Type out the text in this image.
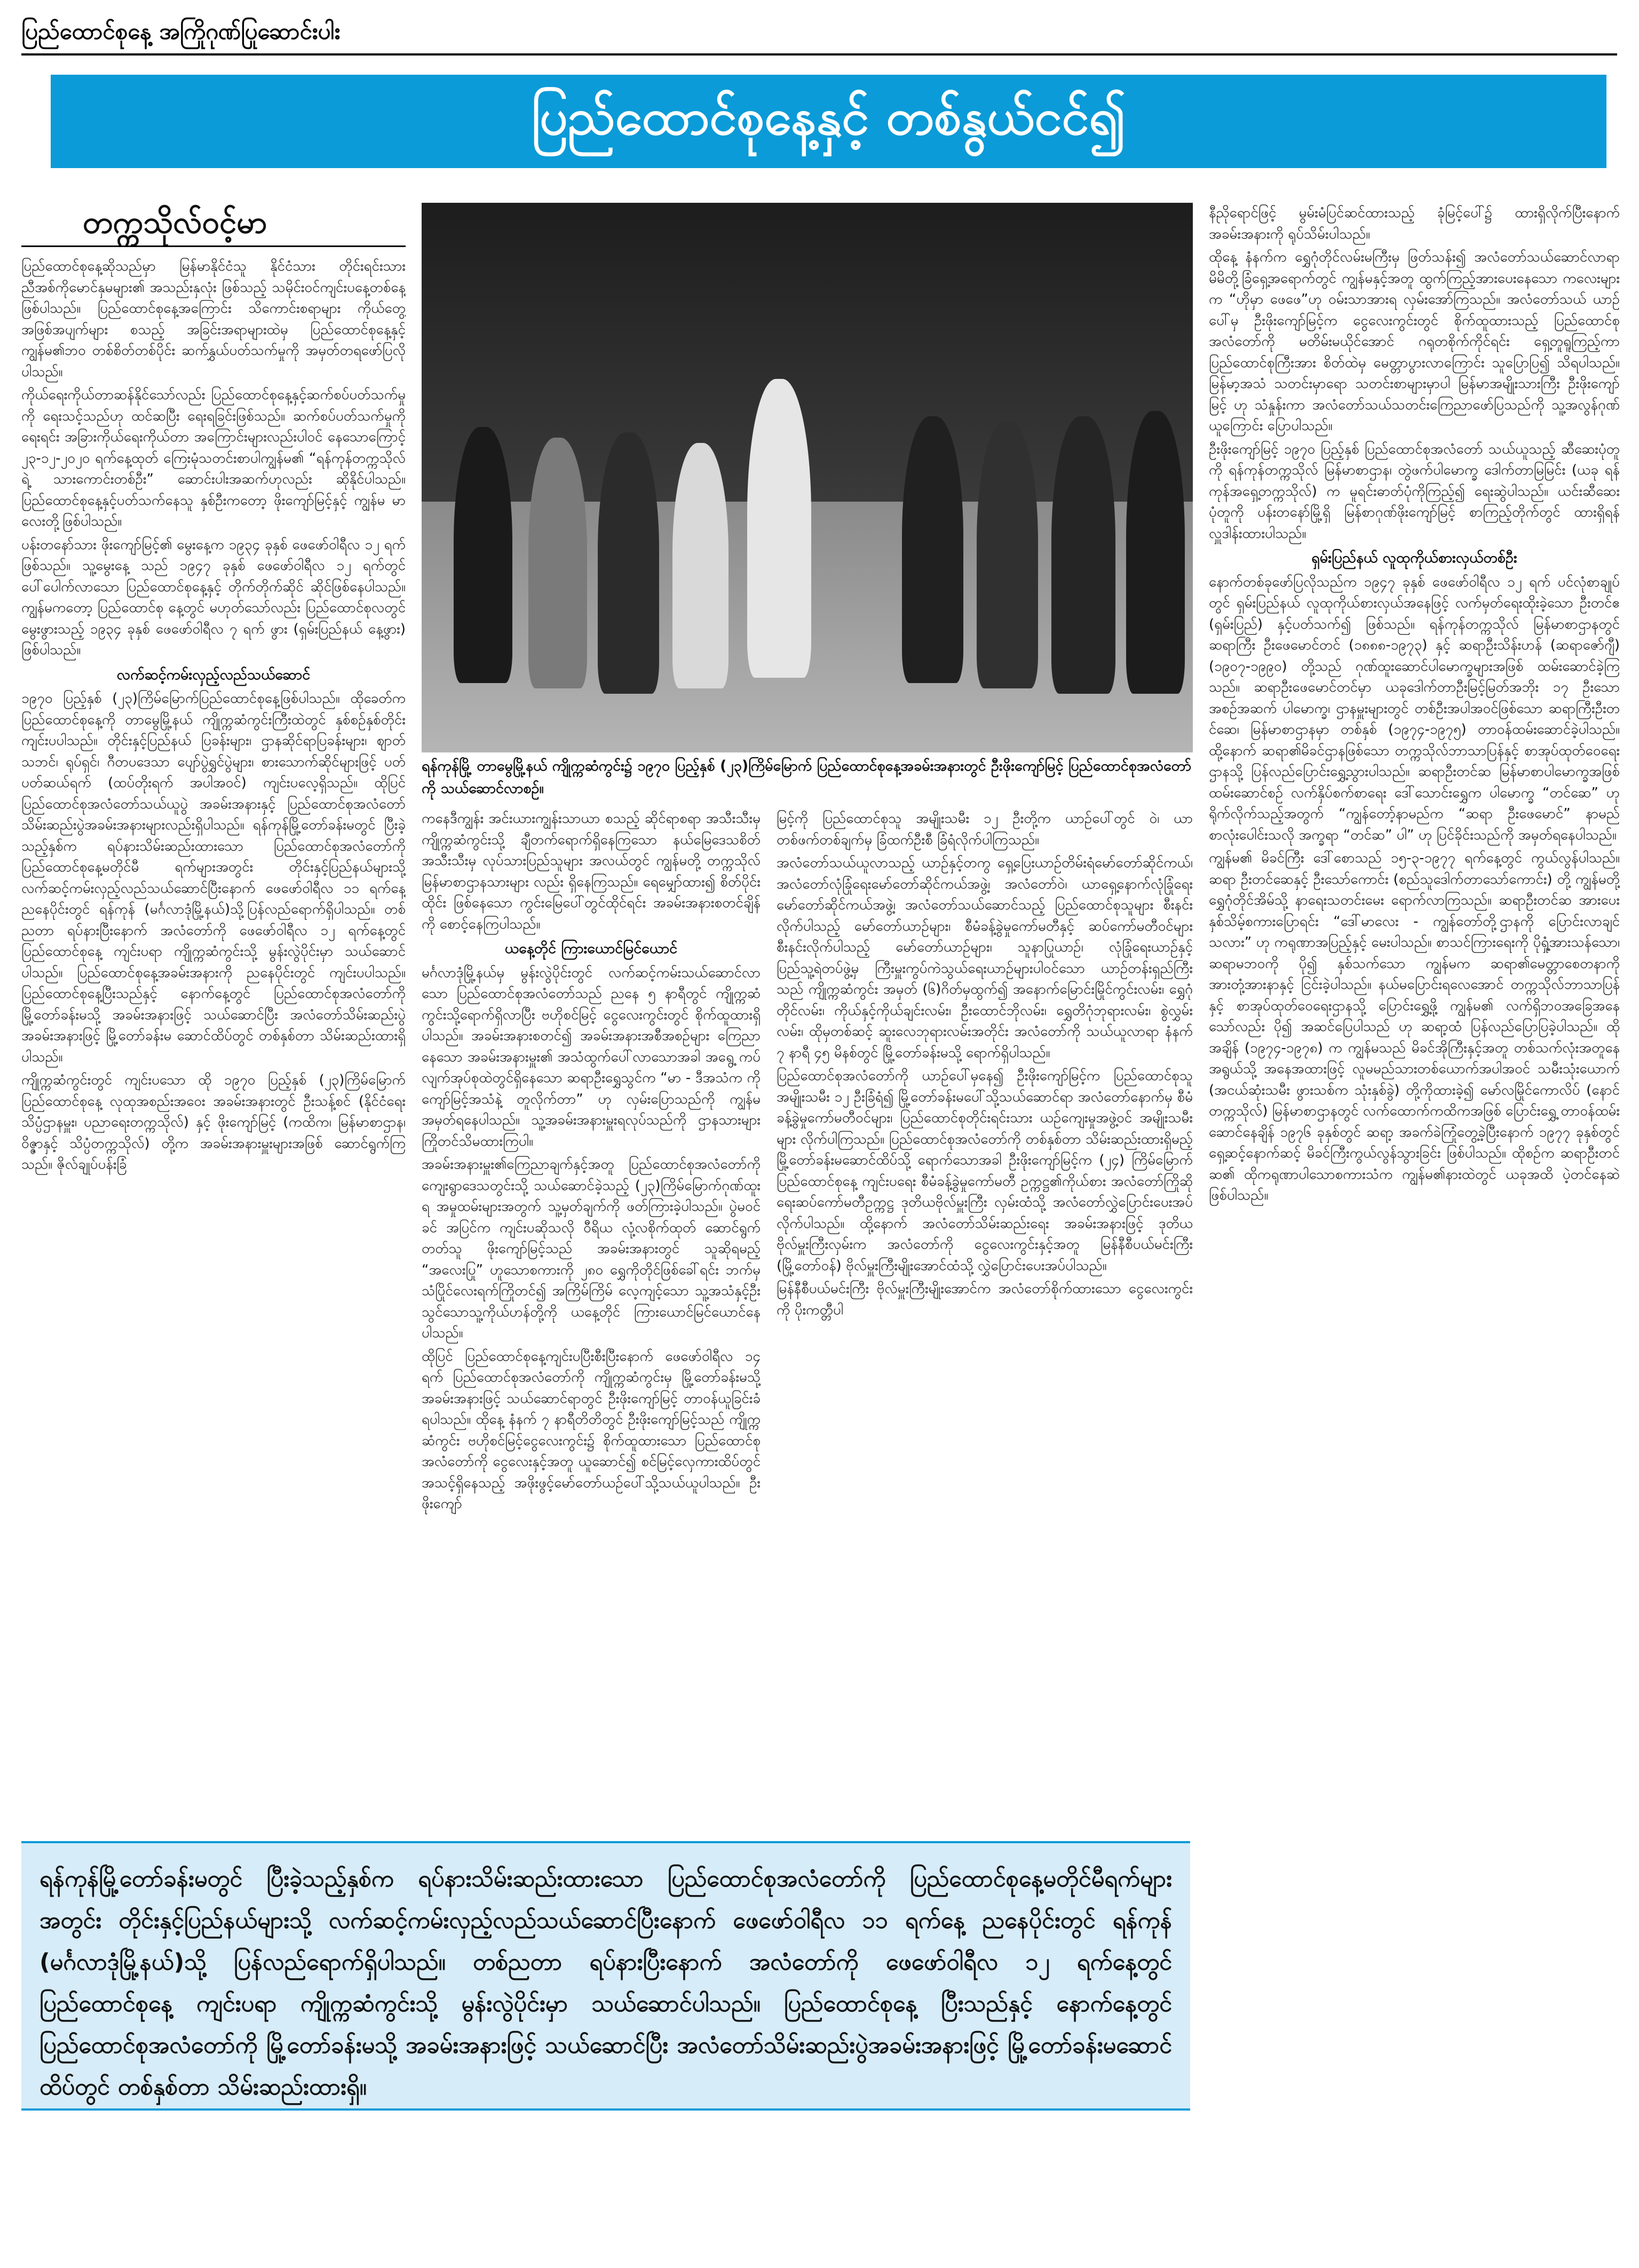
ပြည်ထောင်စုနေ့ အကြိုဂုဏ်ပြုဆောင်းပါး
ပြည်ထောင်စုနေ့နှင့် တစ်နွယ်ငင်၍
တက္ကသိုလ်ဝင့်မာ

ပြည်ထောင်စုနေ့ဆိုသည်မှာ မြန်မာနိုင်ငံသူ နိုင်ငံသား တိုင်းရင်းသားညီအစ်ကိုမောင်နှမများ၏ အသည်းနှလုံး ဖြစ်သည့် သမိုင်းဝင်ကျင်းပနေ့တစ်နေ့ဖြစ်ပါသည်။ ပြည်ထောင်စုနေ့အကြောင်း သိကောင်းစရာများ ကိုယ်တွေ့အဖြစ်အပျက်များ စသည့် အခြင်းအရာများထဲမှ ပြည်ထောင်စုနေ့နှင့် ကျွန်မ၏ဘဝ တစ်စိတ်တစ်ပိုင်း ဆက်နွှယ်ပတ်သက်မှုကို အမှတ်တရဖော်ပြလိုပါသည်။

ကိုယ်ရေးကိုယ်တာဆန်နိုင်သော်လည်း ပြည်ထောင်စုနေ့နှင့်ဆက်စပ်ပတ်သက်မှုကို ရေးသင့်သည်ဟု ထင်ဆပြီး ရေးရခြင်းဖြစ်သည်။ ဆက်စပ်ပတ်သက်မှုကို ရေးရင်း အခြားကိုယ်ရေးကိုယ်တာ အကြောင်းများလည်းပါဝင် နေသောကြောင့် ၂၃-၁၂-၂၀၂၀ ရက်နေ့ထုတ် ကြေးမုံသတင်းစာပါကျွန်မ၏ “ရန်ကုန်တက္ကသိုလ်ရဲ့ သားကောင်းတစ်ဦး” ဆောင်းပါးအဆက်ဟုလည်း ဆိုနိုင်ပါသည်။ ပြည်ထောင်စုနေ့နှင့်ပတ်သက်နေသူ နှစ်ဦးကတော့ ဖိုးကျော်မြင့်နှင့် ကျွန်မ မာလေးတို့ဖြစ်ပါသည်။

ပန်းတနော်သား ဖိုးကျော်မြင့်၏ မွေးနေ့က ၁၉၃၄ ခုနှစ် ဖေဖော်ဝါရီလ ၁၂ ရက် ဖြစ်သည်။ သူ့မွေးနေ့ သည် ၁၉၄၇ ခုနှစ် ဖေဖော်ဝါရီလ ၁၂ ရက်တွင် ပေါ်ပေါက်လာသော ပြည်ထောင်စုနေ့နှင့် တိုက်တိုက်ဆိုင် ဆိုင်ဖြစ်နေပါသည်။ ကျွန်မကတော့ ပြည်ထောင်စု နေ့တွင် မဟုတ်သော်လည်း ပြည်ထောင်စုလတွင် မွေးဖွားသည့် ၁၉၃၄ ခုနှစ် ဖေဖော်ဝါရီလ ၇ ရက် ဖွား (ရှမ်းပြည်နယ် နေ့ဖွား) ဖြစ်ပါသည်။

လက်ဆင့်ကမ်းလှည့်လည်သယ်ဆောင်

၁၉၇၀ ပြည့်နှစ် (၂၃)ကြိမ်မြောက်ပြည်ထောင်စုနေ့ဖြစ်ပါသည်။ ထိုခေတ်က ပြည်ထောင်စုနေ့ကို တာမွေမြို့နယ် ကျိုက္ကဆံကွင်းကြီးထဲတွင် နှစ်စဉ်နှစ်တိုင်း ကျင်းပပါသည်။ တိုင်းနှင့်ပြည်နယ် ပြခန်းများ၊ ဌာနဆိုင်ရာပြခန်းများ၊ ဈာတ်သဘင်၊ ရုပ်ရှင်၊ ဂီတပဒေသာ ပျော်ပွဲရွှင်ပွဲများ၊ စားသောက်ဆိုင်များဖြင့် ပတ်ပတ်ဆယ်ရက် (ထပ်တိုးရက် အပါအဝင်) ကျင်းပလေ့ရှိသည်။ ထိုပြင် ပြည်ထောင်စုအလံတော်သယ်ယူပွဲ အခမ်းအနားနှင့် ပြည်ထောင်စုအလံတော် သိမ်းဆည်းပွဲအခမ်းအနားများလည်းရှိပါသည်။ ရန်ကုန်မြို့တော်ခန်းမတွင် ပြီးခဲ့သည့်နှစ်က ရပ်နားသိမ်းဆည်းထားသော ပြည်ထောင်စုအလံတော်ကို ပြည်ထောင်စုနေ့မတိုင်မီ ရက်များအတွင်း တိုင်းနှင့်ပြည်နယ်များသို့ လက်ဆင့်ကမ်းလှည့်လည်သယ်ဆောင်ပြီးနောက် ဖေဖော်ဝါရီလ ၁၁ ရက်နေ့ ညနေပိုင်းတွင် ရန်ကုန် (မင်္ဂလာဒုံမြို့နယ်)သို့ပြန်လည်ရောက်ရှိပါသည်။ တစ်ညတာ ရပ်နားပြီးနောက် အလံတော်ကို ဖေဖော်ဝါရီလ ၁၂ ရက်နေ့တွင် ပြည်ထောင်စုနေ့ ကျင်းပရာ ကျိုက္ကဆံကွင်းသို့ မွန်းလွဲပိုင်းမှာ သယ်ဆောင်ပါသည်။ ပြည်ထောင်စုနေ့အခမ်းအနားကို ညနေပိုင်းတွင် ကျင်းပပါသည်။ ပြည်ထောင်စုနေ့ပြီးသည်နှင့် နောက်နေ့တွင် ပြည်ထောင်စုအလံတော်ကို မြို့တော်ခန်းမသို့ အခမ်းအနားဖြင့် သယ်ဆောင်ပြီး အလံတော်သိမ်းဆည်းပွဲ အခမ်းအနားဖြင့် မြို့တော်ခန်းမ ဆောင်ထိပ်တွင် တစ်နှစ်တာ သိမ်းဆည်းထားရှိပါသည်။

ကျိုက္ကဆံကွင်းတွင် ကျင်းပသော ထို ၁၉၇၀ ပြည့်နှစ် (၂၃)ကြိမ်မြောက် ပြည်ထောင်စုနေ့ လုထုအစည်းအဝေး အခမ်းအနားတွင် ဦးသန့်စင် (နိုင်ငံရေးသိပ္ပံဌာနမှူး၊ ပညာရေးတက္ကသိုလ်) နှင့် ဖိုးကျော်မြင့် (ကထိက၊ မြန်မာစာဌာန၊ ဝိဇ္ဇာနှင့် သိပ္ပံတက္ကသိုလ်) တို့က အခမ်းအနားမှူးများအဖြစ် ဆောင်ရွက်ကြသည်။ ဇိုလ်ချုပ်ပန်းခြံ

ရန်ကုန်မြို့ တာမွေမြို့နယ် ကျိုက္ကဆံကွင်း၌ ၁၉၇၀ ပြည့်နှစ် (၂၃)ကြိမ်မြောက် ပြည်ထောင်စုနေ့အခမ်းအနားတွင် ဦးဖိုးကျော်မြင့် ပြည်ထောင်စုအလံတော်ကို သယ်ဆောင်လာစဉ်။

ကနေဒီကျွန်း အင်းယားကျွန်းသာယာ စသည့် ဆိုင်ရာစရာ အသီးသီးမှ ကျိုက္ကဆံကွင်းသို့ ချီတက်ရောက်ရှိနေကြသော နယ်မြေဒေသစိတ်အသီးသီးမှ လုပ်သားပြည်သူများ အလယ်တွင် ကျွန်မတို့ တက္ကသိုလ် မြန်မာစာဌာနသားများ လည်း ရှိနေကြသည်။ ရေမျှော်ထား၍ စိတ်ပိုင်းထိုင်း ဖြစ်နေသော ကွင်းမြေပေါ်တွင်ထိုင်ရင်း အခမ်းအနားစတင်ချိန်ကို စောင့်နေကြပါသည်။

ယနေ့တိုင် ကြားယောင်မြင်ယောင်

မင်္ဂလာဒုံမြို့နယ်မှ မွန်းလွဲပိုင်းတွင် လက်ဆင့်ကမ်းသယ်ဆောင်လာသော ပြည်ထောင်စုအလံတော်သည် ညနေ ၅ နာရီတွင် ကျိုက္ကဆံကွင်းသို့ရောက်ရှိလာပြီး ဗဟိုစင်မြင့် ငွေလေးကွင်းတွင် စိုက်ထူထားရှိပါသည်။ အခမ်းအနားစတင်၍ အခမ်းအနားအစီအစဉ်များ ကြေညာနေသော အခမ်းအနားမှူး၏ အသံထွက်ပေါ်လာသောအခါ အရွေ့ ကပ်လျက်အုပ်စုထဲတွင်ရှိနေသော ဆရာဦးရွှေသွင်က “မာ - ဒီအသံက ကိုကျော်မြင့်အသံနဲ့ တူလိုက်တာ” ဟု လှမ်းပြောသည်ကို ကျွန်မ အမှတ်ရနေပါသည်။ သူ့အခမ်းအနားမှူးရလုပ်သည်ကို ဌာနသားများ ကြိုတင်သိမထားကြပါ။

အခမ်းအနားမှူး၏ကြေညာချက်နှင့်အတူ ပြည်ထောင်စုအလံတော်ကို ကျေးရွာဒေသတွင်းသို့ သယ်ဆောင်ခဲ့သည့် (၂၃)ကြိမ်မြောက်ဂုဏ်ထူးရ အမှုထမ်းများအတွက် သူ့မှတ်ချက်ကို ဖတ်ကြားခဲ့ပါသည်။ ပွဲမဝင်ခင် အပြင်က ကျင်းပဆိုသလို ဝီရိယ လုံ့လစိုက်ထုတ် ဆောင်ရွက်တတ်သူ ဖိုးကျော်မြင့်သည် အခမ်းအနားတွင် သူဆိုရမည့် “အလေးပြု” ဟူသောစကားကို ၂၈၀ ရွှေကိုတိုင်ဖြစ်ခေါ်ရင်း ဘက်မှ သံပြိုင်လေးရက်ကြိုတင်၍ အကြိမ်ကြိမ် လေ့ကျင့်သော သူ့အသံနှင့်ဦးသွင်သောသူ့ကိုယ်ဟန်တို့ကို ယနေ့တိုင် ကြားယောင်မြင်ယောင်နေပါသည်။

ထိုပြင် ပြည်ထောင်စုနေ့ကျင်းပပြီးစီးပြီးနောက် ဖေဖော်ဝါရီလ ၁၄ ရက် ပြည်ထောင်စုအလံတော်ကို ကျိုက္ကဆံကွင်းမှ မြို့တော်ခန်းမသို့ အခမ်းအနားဖြင့် သယ်ဆောင်ရာတွင် ဦးဖိုးကျော်မြင့် တာဝန်ယူခြင်းခံရပါသည်။ ထိုနေ့ နံနက် ၇ နာရီတိတိတွင် ဦးဖိုးကျော်မြင့်သည် ကျိုက္ကဆံကွင်း ဗဟိုစင်မြင့်ငွေလေးကွင်း၌ စိုက်ထူထားသော ပြည်ထောင်စုအလံတော်ကို ငွေလေးနှင့်အတူ ယူဆောင်၍ စင်မြင့်လှေကားထိပ်တွင် အသင့်ရှိနေသည့် အဖိုးဖွင့်မော်တော်ယဉ်ပေါ်သို့သယ်ယူပါသည်။ ဦးဖိုးကျော်

မြင့်ကို ပြည်ထောင်စုသူ အမျိုးသမီး ၁၂ ဦးတို့က ယာဉ်ပေါ်တွင် ဝဲ၊ ယာတစ်ဖက်တစ်ချက်မှ ခြံထက်ဦးစီ ခြံရံလိုက်ပါကြသည်။

အလံတော်သယ်ယူလာသည့် ယာဉ်နှင့်တကွ ရှေ့ပြေးယာဉ်တိမ်းရံမော်တော်ဆိုင်ကယ်၊ အလံတော်လုံခြုံရေးမော်တော်ဆိုင်ကယ်အဖွဲ့၊ အလံတော်ဝဲ၊ ယာရှေ့နောက်လုံခြုံရေး မော်တော်ဆိုင်ကယ်အဖွဲ့၊ အလံတော်သယ်ဆောင်သည့် ပြည်ထောင်စုသူများ စီးနင်းလိုက်ပါသည့် မော်တော်ယာဉ်များ၊ စီမံခန့်ခွဲမှုကော်မတီနှင့် ဆပ်ကော်မတီဝင်များစီးနင်းလိုက်ပါသည့် မော်တော်ယာဉ်များ၊ သူနာပြုယာဉ်၊ လုံခြုံရေးယာဉ်နှင့် ပြည်သူ့ရဲတပ်ဖွဲ့မှ ကြီးမှူးကွပ်ကဲသွယ်ရေးယာဉ်များပါဝင်သော ယာဉ်တန်းရှည်ကြီးသည် ကျိုက္ကဆံကွင်း အမှတ် (၆)ဂိတ်မှထွက်၍ အနောက်မြောင်းမြိုင်ကွင်းလမ်း၊ ရွှေဂုံတိုင်လမ်း၊ ကိုယ်နှင့်ကိုယ်ချင်းလမ်း၊ ဦးထောင်ဘိုလမ်း၊ ရွှေတိဂုံဘုရားလမ်း၊ စွဲလွှမ်းလမ်း၊ ထိုမှတစ်ဆင့် ဆူးလေဘုရားလမ်းအတိုင်း အလံတော်ကို သယ်ယူလာရာ နံနက် ၇ နာရီ ၄၅ မိနစ်တွင် မြို့တော်ခန်းမသို့ ရောက်ရှိပါသည်။

ပြည်ထောင်စုအလံတော်ကို ယာဉ်ပေါ်မှနေ၍ ဦးဖိုးကျော်မြင့်က ပြည်ထောင်စုသူ အမျိုးသမီး ၁၂ ဦးခြံရံ၍ မြို့တော်ခန်းမပေါ်သို့သယ်ဆောင်ရာ အလံတော်နောက်မှ စီမံခန့်ခွဲမှုကော်မတီဝင်များ၊ ပြည်ထောင်စုတိုင်းရင်းသား ယဉ်ကျေးမှုအဖွဲ့ဝင် အမျိုးသမီးများ လိုက်ပါကြသည်။ ပြည်ထောင်စုအလံတော်ကို တစ်နှစ်တာ သိမ်းဆည်းထားရှိမည့် မြို့တော်ခန်းမဆောင်ထိပ်သို့ ရောက်သောအခါ ဦးဖိုးကျော်မြင့်က (၂၄) ကြိမ်မြောက် ပြည်ထောင်စုနေ့ ကျင်းပရေး စီမံခန့်ခွဲမှုကော်မတီ ဥက္ကဋ္ဌ၏ကိုယ်စား အလံတော်ကြိုဆိုရေးဆပ်ကော်မတီဥက္ကဋ္ဌ ဒုတိယဗိုလ်မှူးကြီး လှမ်းထံသို့ အလံတော်လွှဲပြောင်းပေးအပ်လိုက်ပါသည်။ ထို့နောက် အလံတော်သိမ်းဆည်းရေး အခမ်းအနားဖြင့် ဒုတိယဗိုလ်မှူးကြီးလှမ်းက အလံတော်ကို ငွေလေးကွင်းနှင့်အတူ မြန်နီစီပယ်မင်းကြီး (မြို့တော်ဝန်) ဗိုလ်မှူးကြီးမျိုးအောင်ထံသို့ လွှဲပြောင်းပေးအပ်ပါသည်။

မြန်နီစီပယ်မင်းကြီး ဗိုလ်မှူးကြီးမျိုးအောင်က အလံတော်စိုက်ထားသော ငွေလေးကွင်းကို ပိုးကတ္တီပါ

နီညိုရောင်ဖြင့် မွမ်းမံပြင်ဆင်ထားသည့် ခုံမြင့်ပေါ်၌ ထားရှိလိုက်ပြီးနောက် အခမ်းအနားကို ရုပ်သိမ်းပါသည်။

ထိုနေ့ နံနက်က ရွှေဂုံတိုင်လမ်းမကြီးမှ ဖြတ်သန်း၍ အလံတော်သယ်ဆောင်လာရာ မိမိတို့ခြံရှေ့အရောက်တွင် ကျွန်မနှင့်အတူ ထွက်ကြည့်အားပေးနေသော ကလေးများက “ဟိုမှာ ဖေဖေ”ဟု ဝမ်းသာအားရ လှမ်းအော်ကြသည်။ အလံတော်သယ် ယာဉ်ပေါ်မှ ဦးဖိုးကျော်မြင့်က ငွေလေးကွင်းတွင် စိုက်ထူထားသည့် ပြည်ထောင်စုအလံတော်ကို မတိမ်းမယိုင်အောင် ဂရုတစိုက်ကိုင်ရင်း ရှေ့တူရူကြည့်ကာ ပြည်ထောင်စုကြီးအား စိတ်ထဲမှ မေတ္တာပွားလာကြောင်း သူပြောပြ၍ သိရပါသည်။ မြန်မာ့အသံ သတင်းမှာရော သတင်းစာများမှာပါ မြန်မာအမျိုးသားကြီး ဦးဖိုးကျော်မြင့် ဟု သံနှုန်းကာ အလံတော်သယ်သတင်းကြေညာဖော်ပြသည်ကို သူ့အလွန်ဂုဏ်ယူကြောင်း ပြောပါသည်။

ဦးဖိုးကျော်မြင့် ၁၉၇၀ ပြည့်နှစ် ပြည်ထောင်စုအလံတော် သယ်ယူသည့် ဆီဆေးပုံတူကို ရန်ကုန်တက္ကသိုလ် မြန်မာစာဌာန၊ တွဲဖက်ပါမောက္ခ ဒေါက်တာမြမြင်း (ယခု ရန်ကုန်အရှေ့တက္ကသိုလ်) က မူရင်းဓာတ်ပုံကိုကြည့်၍ ရေးဆွဲပါသည်။ ယင်းဆီဆေးပုံတူကို ပန်းတနော်မြို့ရှိ မြန်စာဂုဏ်ဖိုးကျော်မြင့် စာကြည့်တိုက်တွင် ထားရှိရန် လှူဒါန်းထားပါသည်။

ရှမ်းပြည်နယ် လူထုကိုယ်စားလှယ်တစ်ဦး

နောက်တစ်ခုဖော်ပြလိုသည်က ၁၉၄၇ ခုနှစ် ဖေဖော်ဝါရီလ ၁၂ ရက် ပင်လုံစာချုပ်တွင် ရှမ်းပြည်နယ် လူထုကိုယ်စားလှယ်အနေဖြင့် လက်မှတ်ရေးထိုးခဲ့သော ဦးတင်ဧ (ရှမ်းပြည်) နှင့်ပတ်သက်၍ ဖြစ်သည်။ ရန်ကုန်တက္ကသိုလ် မြန်မာစာဌာနတွင် ဆရာကြီး ဦးဖေမောင်တင် (၁၈၈၈-၁၉၇၃) နှင့် ဆရာဦးသိန်းဟန် (ဆရာဇော်ဂျီ) (၁၉၀၇-၁၉၉၀) တို့သည် ဂုဏ်ထူးဆောင်ပါမောက္ခများအဖြစ် ထမ်းဆောင်ခဲ့ကြသည်။ ဆရာဦးဖေမောင်တင်မှာ ယခုဒေါက်တာဦးမြင့်မြတ်အဘိုး ၁၇ ဦးသော အစဉ်အဆက် ပါမောက္ခ၊ ဌာနမှူးများတွင် တစ်ဦးအပါအဝင်ဖြစ်သော ဆရာကြီးဦးတင်ဆေ၊ မြန်မာစာဌာနမှာ တစ်နှစ် (၁၉၇၄-၁၉၇၅) တာဝန်ထမ်းဆောင်ခဲ့ပါသည်။ ထို့နောက် ဆရာ၏မိခင်ဌာနဖြစ်သော တက္ကသိုလ်ဘာသာပြန်နှင့် စာအုပ်ထုတ်ဝေရေးဌာနသို့ ပြန်လည်ပြောင်းရွှေ့သွားပါသည်။ ဆရာဦးတင်ဆ မြန်မာစာပါမောက္ခအဖြစ် ထမ်းဆောင်စဉ် လက်နှိပ်စက်စာရေး ဒေါ်သောင်းရွှေက ပါမောက္ခ “တင်ဆေ” ဟုရိုက်လိုက်သည့်အတွက် “ကျွန်တော့်နာမည်က “ဆရာ ဦးဖေမောင်” နာမည်စာလုံးပေါင်းသလို အက္ခရာ “တင်ဆ” ပါ” ဟု ပြင်ခိုင်းသည်ကို အမှတ်ရနေပါသည်။

ကျွန်မ၏ မိခင်ကြီး ဒေါ်စောသည် ၁၅-၃-၁၉၇၇ ရက်နေ့တွင် ကွယ်လွန်ပါသည်။ ဆရာ ဦးတင်ဆေနှင့် ဦးသော်ကောင်း (စည်သူဒေါက်တာသော်ကောင်း) တို့ ကျွန်မတို့ ရွှေဂုံတိုင်အိမ်သို့ နာရေးသတင်းမေး ရောက်လာကြသည်။ ဆရာဦးတင်ဆ အားပေးနှစ်သိမ့်စကားပြောရင်း “ဒေါ်မာလေး - ကျွန်တော်တို့ဌာနကို ပြောင်းလာချင်သလား” ဟု ကရုဏာအပြည့်နှင့် မေးပါသည်။ စာသင်ကြားရေးကို ပိုရှုံ့အားသန်သော၊ ဆရာမဘဝကို ပို၍ နှစ်သက်သော ကျွန်မက ဆရာ၏မေတ္တာစေတနာကို အားတုံ့အားနာနှင့် ငြင်းခဲ့ပါသည်။ နယ်မပြောင်းရလေအောင် တက္ကသိုလ်ဘာသာပြန်နှင့် စာအုပ်ထုတ်ဝေရေးဌာနသို့ ပြောင်းရွှေ့ဖို့ ကျွန်မ၏ လက်ရှိဘဝအခြေအနေသော်လည်း ပို၍ အဆင်ပြေပါသည် ဟု ဆရာ့ထံ ပြန်လည်ပြောပြခဲ့ပါသည်။ ထိုအချိန် (၁၉၇၄-၁၉၇၈) က ကျွန်မသည် မိခင်အိုကြီးနှင့်အတူ တစ်သက်လုံးအတူနေ အရွယ်သို့ အနေအထားဖြင့် လူမမည်သားတစ်ယောက်အပါအဝင် သမီးသုံးယောက် (အငယ်ဆုံးသမီး ဖွားသစ်က သုံးနှစ်ခွဲ) တို့ကိုထားခဲ့၍ မော်လမြိုင်ကောလိပ် (နောင် တက္ကသိုလ်) မြန်မာစာဌာနတွင် လက်ထောက်ကထိကအဖြစ် ပြောင်းရွှေ့ တာဝန်ထမ်းဆောင်နေချိန် ၁၉၇၆ ခုနှစ်တွင် ဆရာ့ အခက်ခဲကြုံတွေ့ခဲ့ပြီးနောက် ၁၉၇၇ ခုနှစ်တွင် ရှေ့ဆင့်နောက်ဆင့် မိခင်ကြီးကွယ်လွန်သွားခြင်း ဖြစ်ပါသည်။ ထိုစဉ်က ဆရာဦးတင်ဆ၏ ထိုကရုဏာပါသောစကားသံက ကျွန်မ၏နားထဲတွင် ယခုအထိ ပဲ့တင်နေဆဲ ဖြစ်ပါသည်။

ရန်ကုန်မြို့တော်ခန်းမတွင် ပြီးခဲ့သည့်နှစ်က ရပ်နားသိမ်းဆည်းထားသော ပြည်ထောင်စုအလံတော်ကို ပြည်ထောင်စုနေ့မတိုင်မီရက်များ အတွင်း တိုင်းနှင့်ပြည်နယ်များသို့ လက်ဆင့်ကမ်းလှည့်လည်သယ်ဆောင်ပြီးနောက် ဖေဖော်ဝါရီလ ၁၁ ရက်နေ့ ညနေပိုင်းတွင် ရန်ကုန် (မင်္ဂလာဒုံမြို့နယ်)သို့ ပြန်လည်ရောက်ရှိပါသည်။ တစ်ညတာ ရပ်နားပြီးနောက် အလံတော်ကို ဖေဖော်ဝါရီလ ၁၂ ရက်နေ့တွင် ပြည်ထောင်စုနေ့ ကျင်းပရာ ကျိုက္ကဆံကွင်းသို့ မွန်းလွဲပိုင်းမှာ သယ်ဆောင်ပါသည်။ ပြည်ထောင်စုနေ့ ပြီးသည်နှင့် နောက်နေ့တွင် ပြည်ထောင်စုအလံတော်ကို မြို့တော်ခန်းမသို့ အခမ်းအနားဖြင့် သယ်ဆောင်ပြီး အလံတော်သိမ်းဆည်းပွဲအခမ်းအနားဖြင့် မြို့တော်ခန်းမဆောင်ထိပ်တွင် တစ်နှစ်တာ သိမ်းဆည်းထားရှိ။
